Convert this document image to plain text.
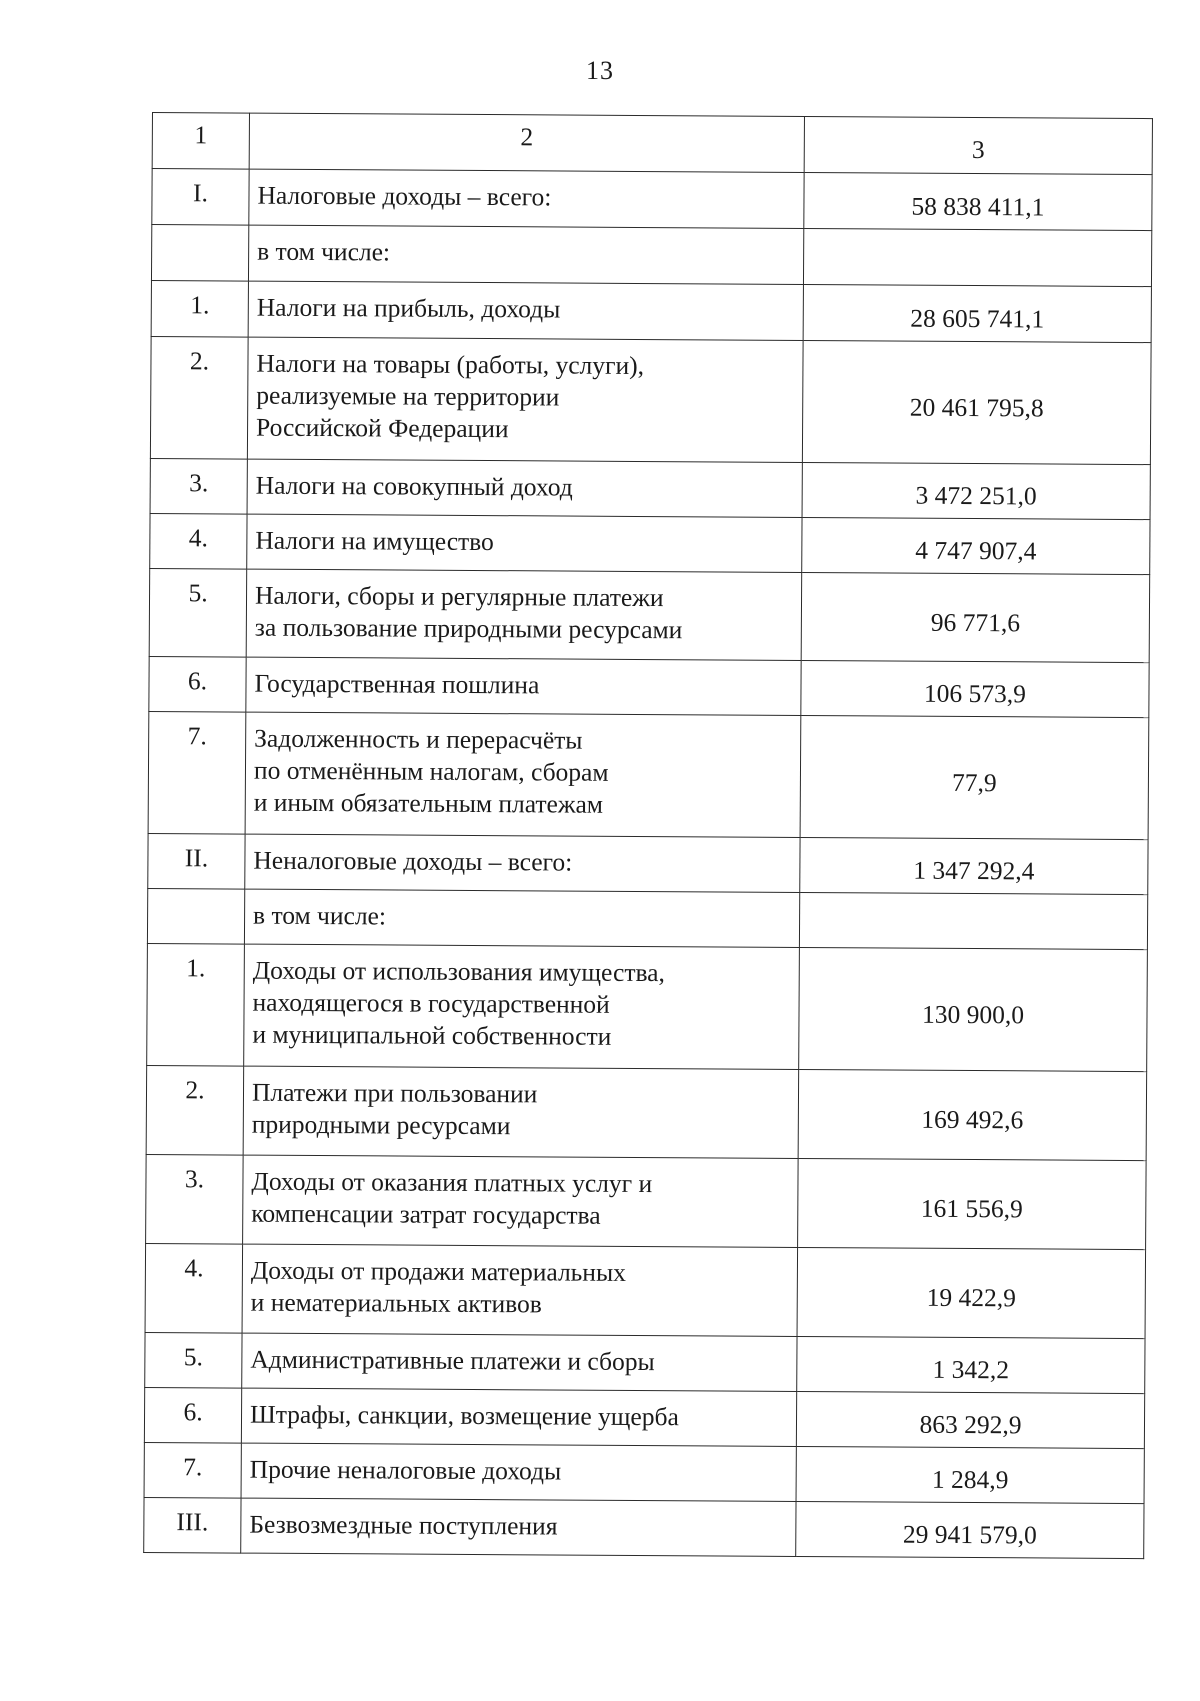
13
1	2	3
I.	Налоговые доходы – всего:	58 838 411,1

	в том числе:	

1.	Налоги на прибыль, доходы	28 605 741,1
2.	Налоги на товары (работы, услуги),
реализуемые на территории
Российской Федерации	20 461 795,8
3.	Налоги на совокупный доход	3 472 251,0
4.	Налоги на имущество	4 747 907,4
5.	Налоги, сборы и регулярные платежи
за пользование природными ресурсами	96 771,6
6.	Государственная пошлина	106 573,9
7.	Задолженность и перерасчёты
по отменённым налогам, сборам
и иным обязательным платежам	77,9
II.	Неналоговые доходы – всего:	1 347 292,4

	в том числе:	

1.	Доходы от использования имущества,
находящегося в государственной
и муниципальной собственности	130 900,0
2.	Платежи при пользовании
природными ресурсами	169 492,6
3.	Доходы от оказания платных услуг и
компенсации затрат государства	161 556,9
4.	Доходы от продажи материальных
и нематериальных активов	19 422,9
5.	Административные платежи и сборы	1 342,2
6.	Штрафы, санкции, возмещение ущерба	863 292,9
7.	Прочие неналоговые доходы	1 284,9
III.	Безвозмездные поступления	29 941 579,0
